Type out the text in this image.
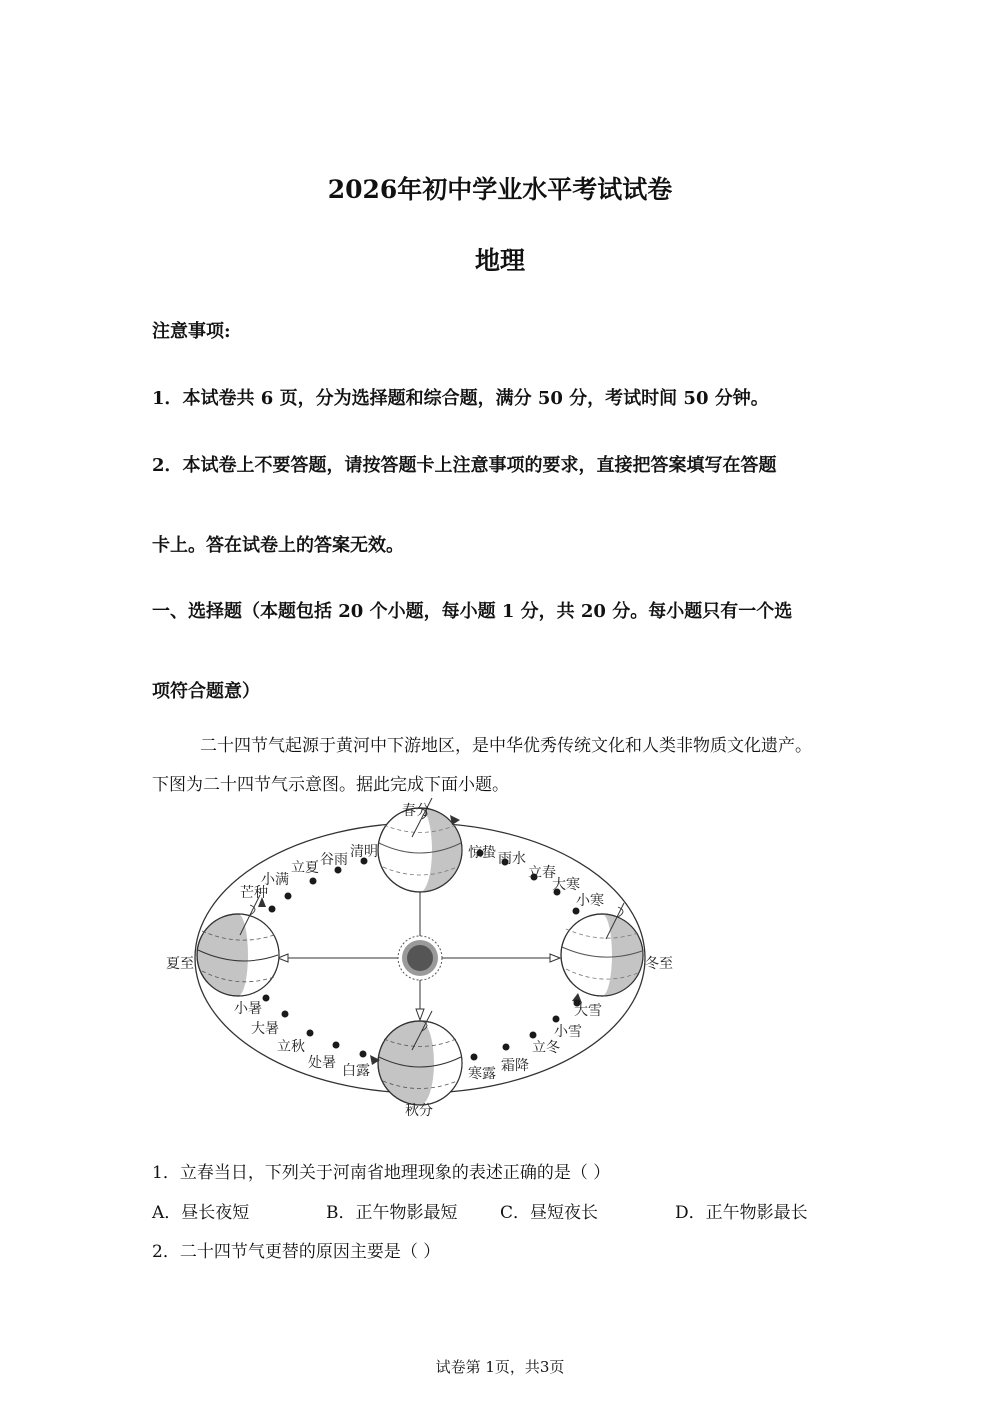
2026年初中学业水平考试试卷
地理
注意事项:
1．本试卷共 6 页，分为选择题和综合题，满分 50 分，考试时间 50 分钟。
2．本试卷上不要答题，请按答题卡上注意事项的要求，直接把答案填写在答题
卡上。答在试卷上的答案无效。
一、选择题（本题包括 20 个小题，每小题 1 分，共 20 分。每小题只有一个选
项符合题意）
二十四节气起源于黄河中下游地区，是中华优秀传统文化和人类非物质文化遗产。
下图为二十四节气示意图。据此完成下面小题。
春分
秋分
夏至	冬至
惊蛰 雨水
立春
大寒
小寒
清明
谷雨
立夏
小满
芒种
小暑
大暑
立秋
处暑 白露	寒露 霜降
立冬
小雪
大雪
1．立春当日，下列关于河南省地理现象的表述正确的是（ ）
A．昼长夜短	B．正午物影最短	C．昼短夜长	D．正午物影最长
2．二十四节气更替的原因主要是（ ）
试卷第 1页，共3页
